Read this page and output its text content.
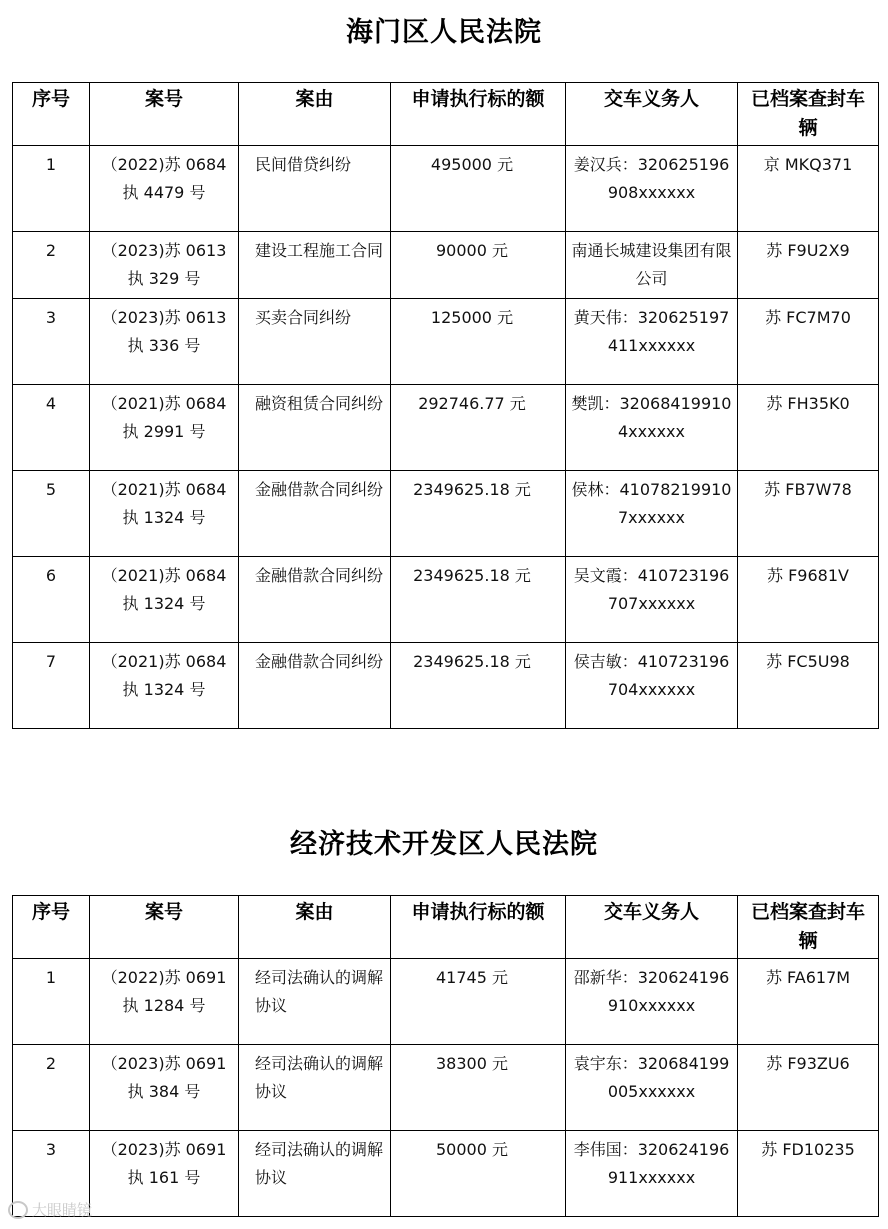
海门区人民法院
序号	案号	案由	申请执行标的额	交车义务人	已档案查封车辆
1	（2022)苏 0684 执 4479 号	民间借贷纠纷	495000 元	姜汉兵：320625196908xxxxxx	京 MKQ371
2	（2023)苏 0613 执 329 号	建设工程施工合同	90000 元	南通长城建设集团有限公司	苏 F9U2X9
3	（2023)苏 0613 执 336 号	买卖合同纠纷	125000 元	黄天伟：320625197411xxxxxx	苏 FC7M70
4	（2021)苏 0684 执 2991 号	融资租赁合同纠纷	292746.77 元	樊凯：320684199104xxxxxx	苏 FH35K0
5	（2021)苏 0684 执 1324 号	金融借款合同纠纷	2349625.18 元	侯林：410782199107xxxxxx	苏 FB7W78
6	（2021)苏 0684 执 1324 号	金融借款合同纠纷	2349625.18 元	吴文霞：410723196707xxxxxx	苏 F9681V
7	（2021)苏 0684 执 1324 号	金融借款合同纠纷	2349625.18 元	侯吉敏：410723196704xxxxxx	苏 FC5U98
经济技术开发区人民法院
序号	案号	案由	申请执行标的额	交车义务人	已档案查封车辆
1	（2022)苏 0691 执 1284 号	经司法确认的调解协议	41745 元	邵新华：320624196910xxxxxx	苏 FA617M
2	（2023)苏 0691 执 384 号	经司法确认的调解协议	38300 元	袁宇东：320684199005xxxxxx	苏 F93ZU6
3	（2023)苏 0691 执 161 号	经司法确认的调解协议	50000 元	李伟国：320624196911xxxxxx	苏 FD10235
大眼睛镜
